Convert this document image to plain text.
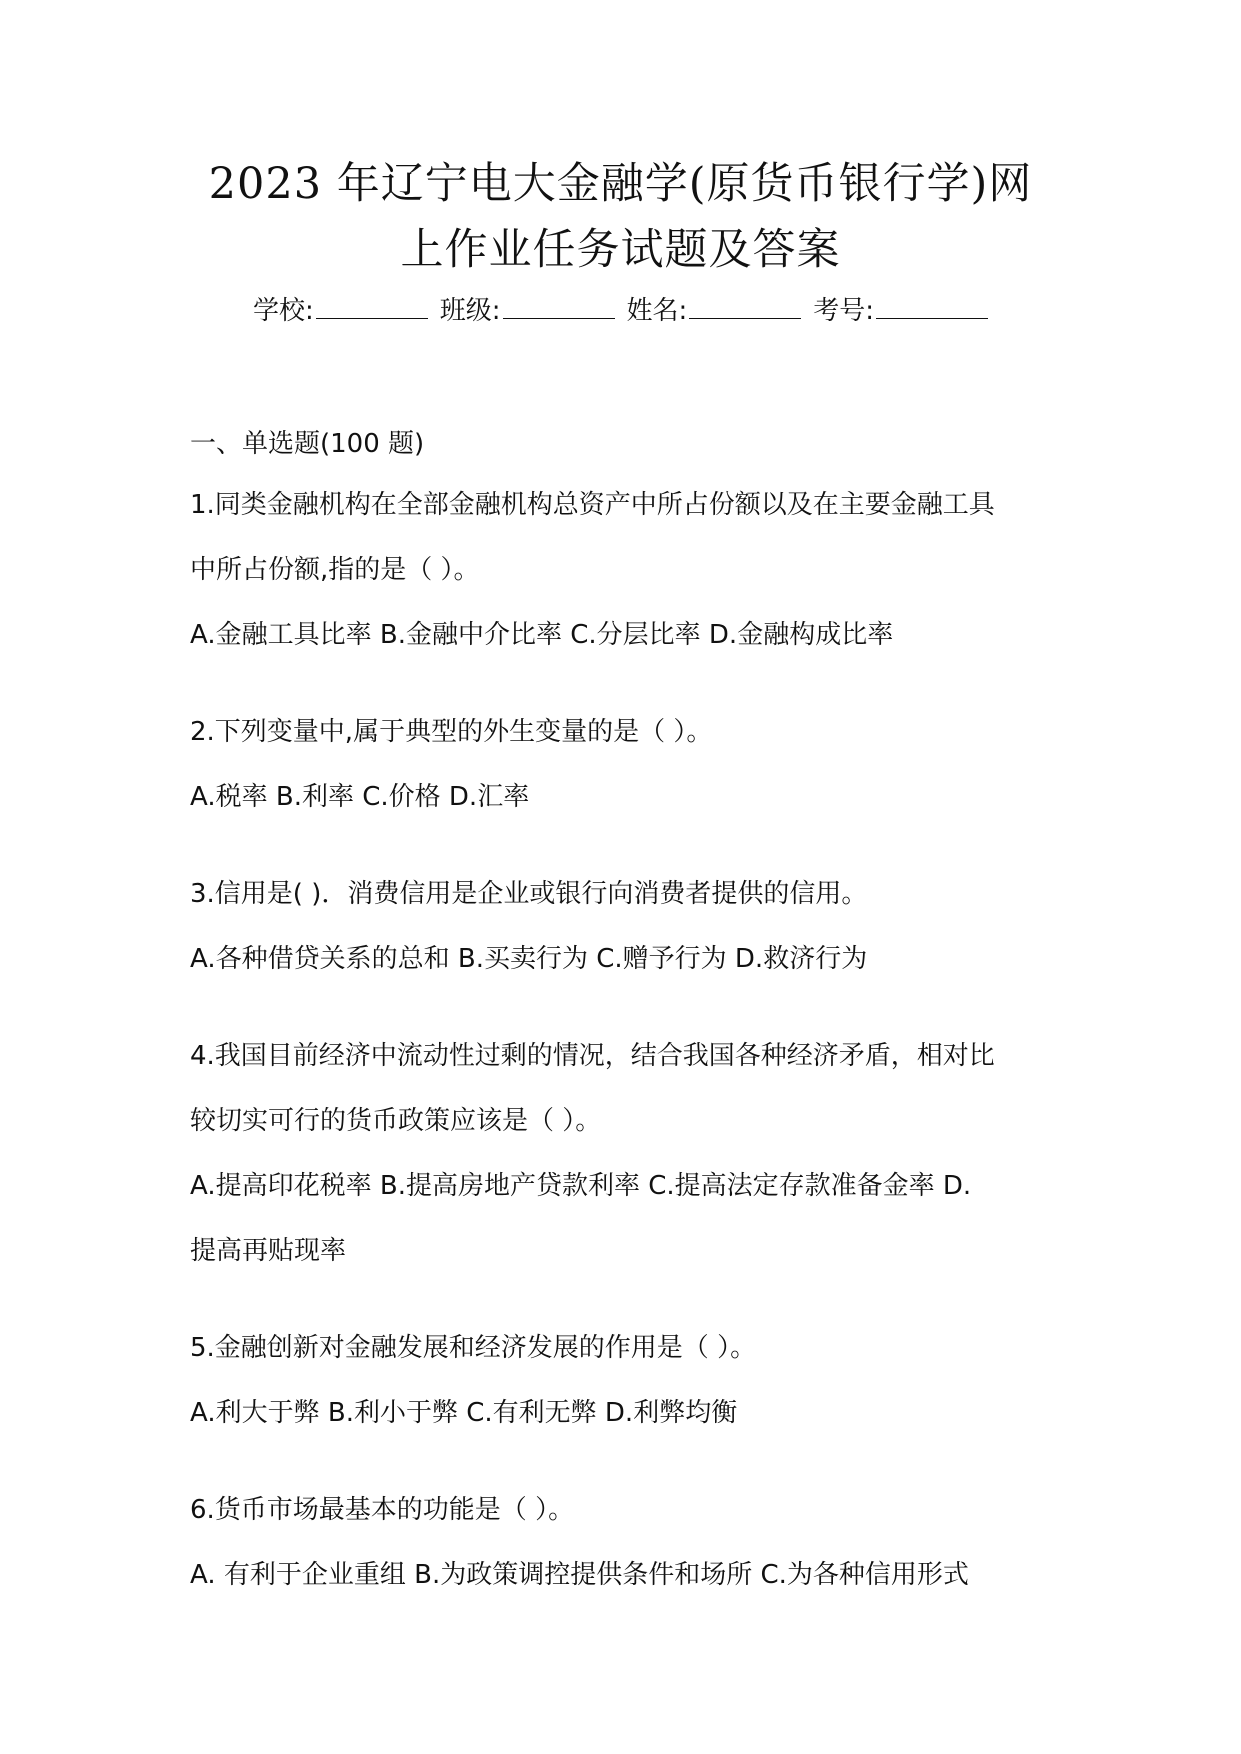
2023 年辽宁电大金融学(原货币银行学)网
上作业任务试题及答案
学校:	班级:	姓名:	考号:
一、单选题(100 题)
1.同类金融机构在全部金融机构总资产中所占份额以及在主要金融工具
中所占份额,指的是（ ）。
A.金融工具比率 B.金融中介比率 C.分层比率 D.金融构成比率
2.下列变量中,属于典型的外生变量的是（ ）。
A.税率 B.利率 C.价格 D.汇率
3.信用是( )．消费信用是企业或银行向消费者提供的信用。
A.各种借贷关系的总和 B.买卖行为 C.赠予行为 D.救济行为
4.我国目前经济中流动性过剩的情况，结合我国各种经济矛盾，相对比
较切实可行的货币政策应该是（ ）。
A.提高印花税率 B.提高房地产贷款利率 C.提高法定存款准备金率 D.
提高再贴现率
5.金融创新对金融发展和经济发展的作用是（ ）。
A.利大于弊 B.利小于弊 C.有利无弊 D.利弊均衡
6.货币市场最基本的功能是（ ）。
A. 有利于企业重组 B.为政策调控提供条件和场所 C.为各种信用形式
